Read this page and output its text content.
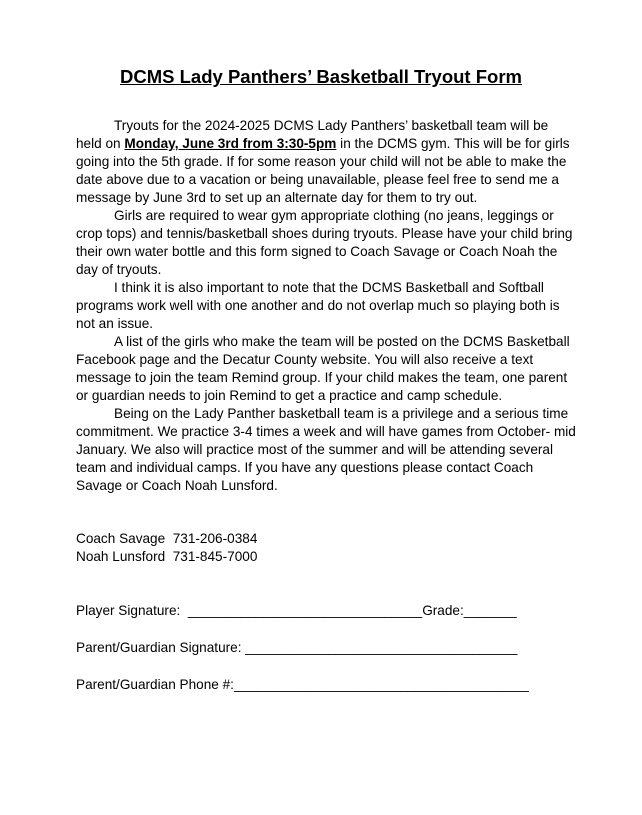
DCMS Lady Panthers’ Basketball Tryout Form

Tryouts for the 2024-2025 DCMS Lady Panthers’ basketball team will be held on Monday, June 3rd from 3:30-5pm in the DCMS gym. This will be for girls going into the 5th grade. If for some reason your child will not be able to make the date above due to a vacation or being unavailable, please feel free to send me a message by June 3rd to set up an alternate day for them to try out.

Girls are required to wear gym appropriate clothing (no jeans, leggings or crop tops) and tennis/basketball shoes during tryouts. Please have your child bring their own water bottle and this form signed to Coach Savage or Coach Noah the day of tryouts.

I think it is also important to note that the DCMS Basketball and Softball programs work well with one another and do not overlap much so playing both is not an issue.

A list of the girls who make the team will be posted on the DCMS Basketball Facebook page and the Decatur County website. You will also receive a text message to join the team Remind group. If your child makes the team, one parent or guardian needs to join Remind to get a practice and camp schedule.

Being on the Lady Panther basketball team is a privilege and a serious time commitment. We practice 3-4 times a week and will have games from October- mid January. We also will practice most of the summer and will be attending several team and individual camps. If you have any questions please contact Coach Savage or Coach Noah Lunsford.

Coach Savage  731-206-0384
Noah Lunsford  731-845-7000
Player Signature:  _______________________________Grade:_______
Parent/Guardian Signature: ____________________________________
Parent/Guardian Phone #:_______________________________________
